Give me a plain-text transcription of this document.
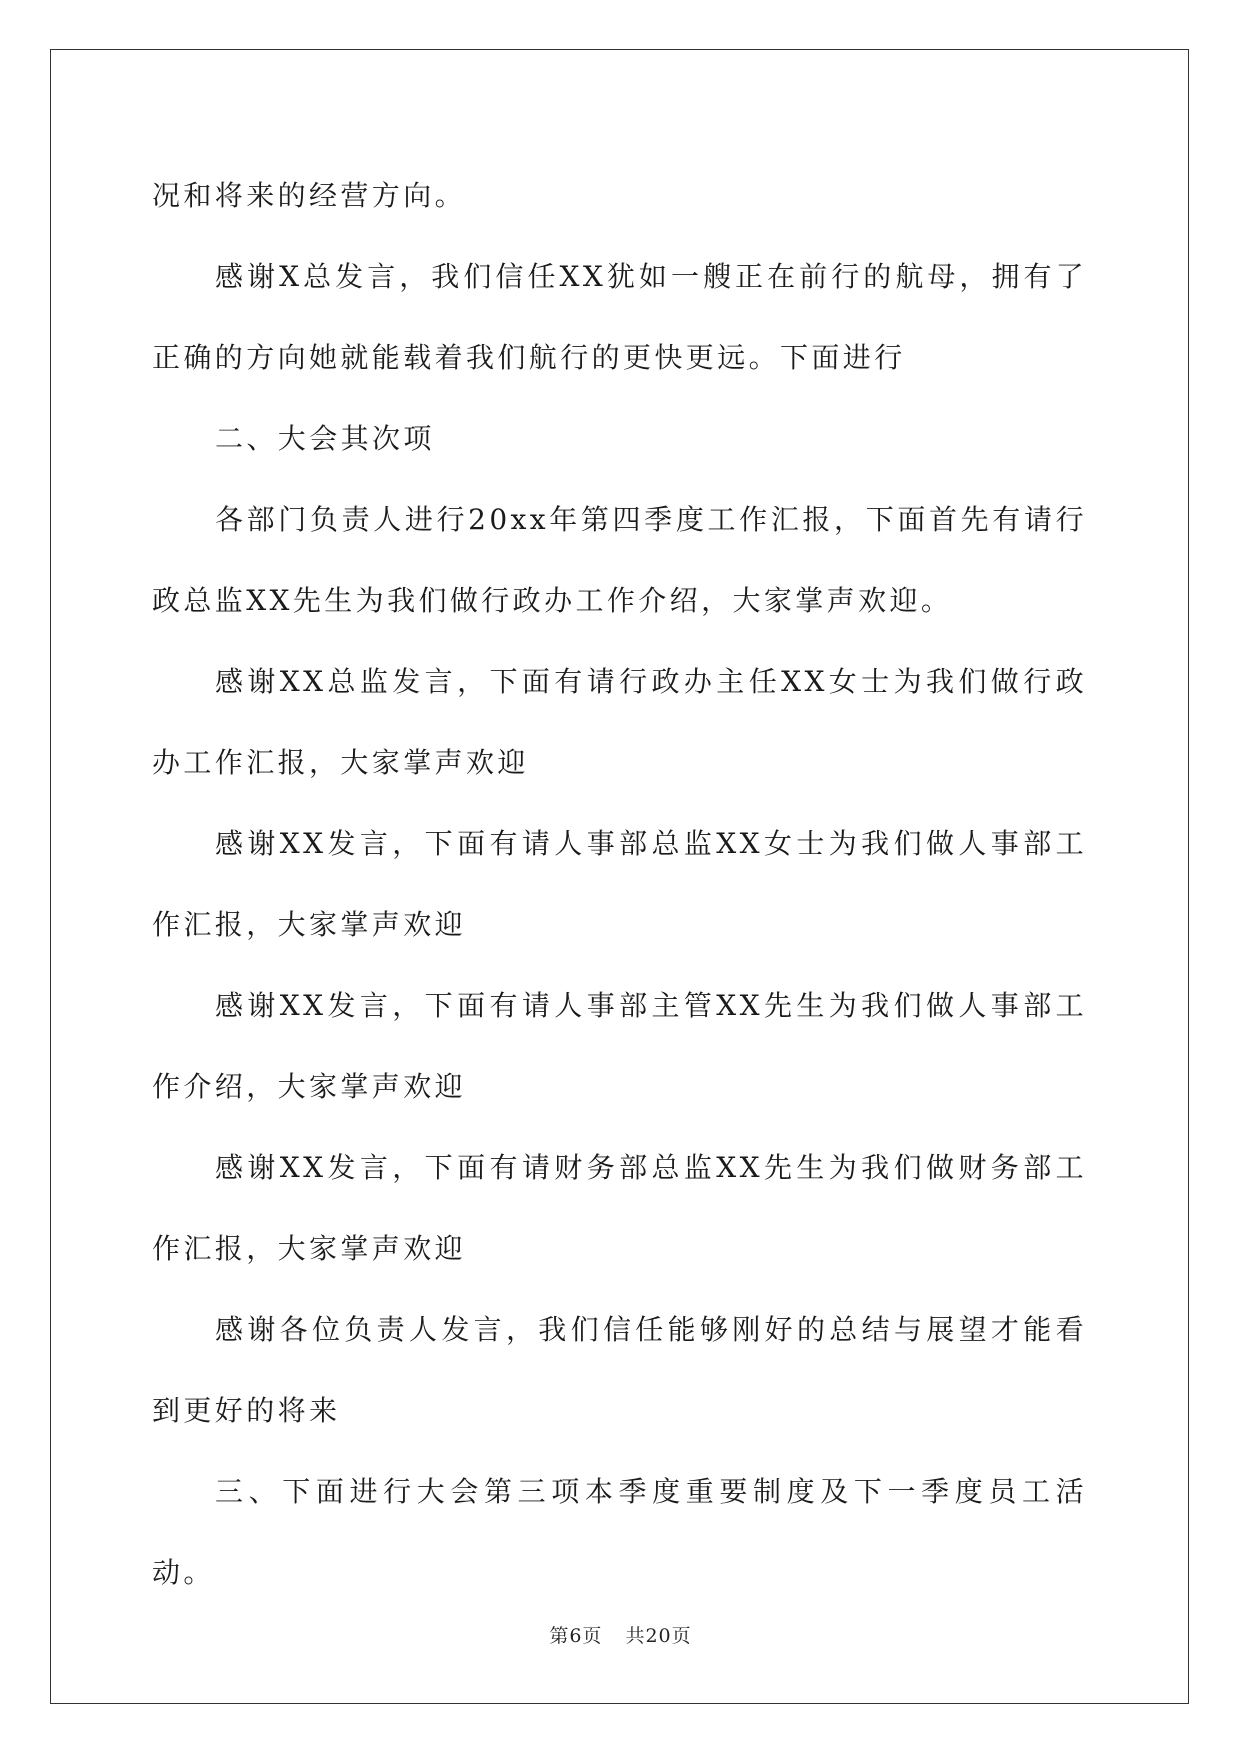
况和将来的经营方向。

感谢X总发言，我们信任XX犹如一艘正在前行的航母，拥有了正确的方向她就能载着我们航行的更快更远。下面进行

二、大会其次项

各部门负责人进行20xx年第四季度工作汇报，下面首先有请行政总监XX先生为我们做行政办工作介绍，大家掌声欢迎。

感谢XX总监发言，下面有请行政办主任XX女士为我们做行政办工作汇报，大家掌声欢迎

感谢XX发言，下面有请人事部总监XX女士为我们做人事部工作汇报，大家掌声欢迎

感谢XX发言，下面有请人事部主管XX先生为我们做人事部工作介绍，大家掌声欢迎

感谢XX发言，下面有请财务部总监XX先生为我们做财务部工作汇报，大家掌声欢迎

感谢各位负责人发言，我们信任能够刚好的总结与展望才能看到更好的将来

三、下面进行大会第三项本季度重要制度及下一季度员工活动。

第6页 共20页
